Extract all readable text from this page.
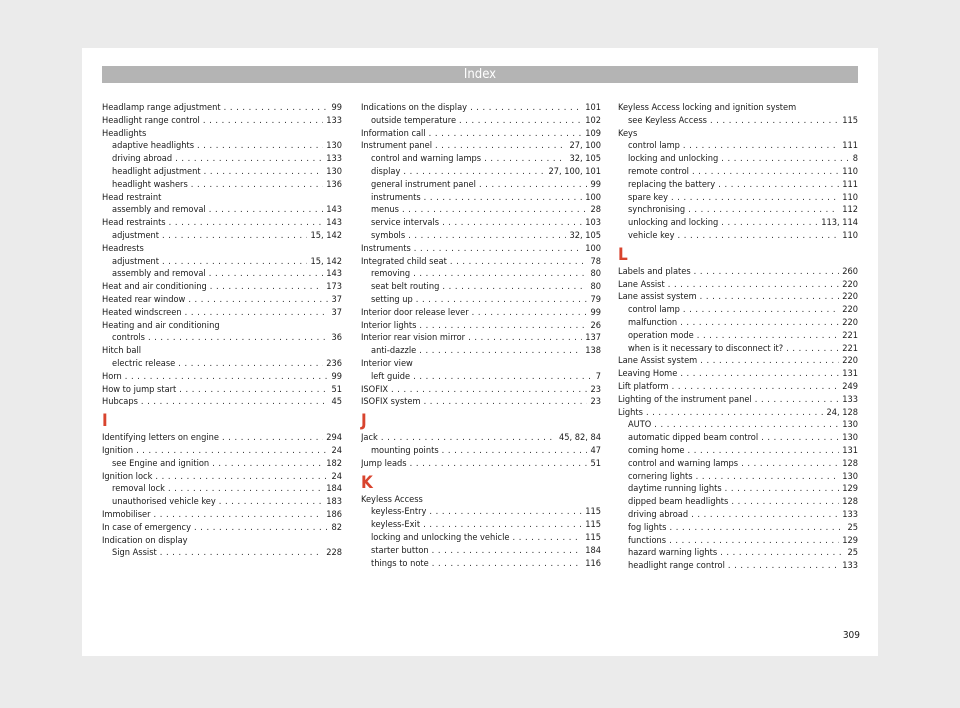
Index
Headlamp range adjustment . . .	99
Headlight range control . . .	133
Headlights
adaptive headlights . . .	130
driving abroad . . .	133
headlight adjustment . . .	130
headlight washers . . .	136
Head restraint
assembly and removal . . .	143
Head restraints . . .	143
adjustment . . .	15, 142
Headrests
adjustment . . .	15, 142
assembly and removal . . .	143
Heat and air conditioning . . .	173
Heated rear window . . .	37
Heated windscreen . . .	37
Heating and air conditioning
controls . . .	36
Hitch ball
electric release . . .	236
Horn . . .	99
How to jump start . . .	51
Hubcaps . . .	45
I
Identifying letters on engine . . .	294
Ignition . . .	24
see Engine and ignition . . .	182
Ignition lock . . .	24
removal lock . . .	184
unauthorised vehicle key . . .	183
Immobiliser . . .	186
In case of emergency . . .	82
Indication on display
Sign Assist . . .	228
Indications on the display . . .	101
outside temperature . . .	102
Information call . . .	109
Instrument panel . . .	27, 100
control and warning lamps . . .	32, 105
display . . .	27, 100, 101
general instrument panel . . .	99
instruments . . .	100
menus . . .	28
service intervals . . .	103
symbols . . .	32, 105
Instruments . . .	100
Integrated child seat . . .	78
removing . . .	80
seat belt routing . . .	80
setting up . . .	79
Interior door release lever . . .	99
Interior lights . . .	26
Interior rear vision mirror . . .	137
anti-dazzle . . .	138
Interior view
left guide . . .	7
ISOFIX . . .	23
ISOFIX system . . .	23
J
Jack . . .	45, 82, 84
mounting points . . .	47
Jump leads . . .	51
K
Keyless Access
keyless-Entry . . .	115
keyless-Exit . . .	115
locking and unlocking the vehicle . . .	115
starter button . . .	184
things to note . . .	116
Keyless Access locking and ignition system
see Keyless Access . . .	115
Keys
control lamp . . .	111
locking and unlocking . . .	8
remote control . . .	110
replacing the battery . . .	111
spare key . . .	110
synchronising . . .	112
unlocking and locking . . .	113, 114
vehicle key . . .	110
L
Labels and plates . . .	260
Lane Assist . . .	220
Lane assist system . . .	220
control lamp . . .	220
malfunction . . .	220
operation mode . . .	221
when is it necessary to disconnect it? . . .	221
Lane Assist system . . .	220
Leaving Home . . .	131
Lift platform . . .	249
Lighting of the instrument panel . . .	133
Lights . . .	24, 128
AUTO . . .	130
automatic dipped beam control . . .	130
coming home . . .	131
control and warning lamps . . .	128
cornering lights . . .	130
daytime running lights . . .	129
dipped beam headlights . . .	128
driving abroad . . .	133
fog lights . . .	25
functions . . .	129
hazard warning lights . . .	25
headlight range control . . .	133
309
